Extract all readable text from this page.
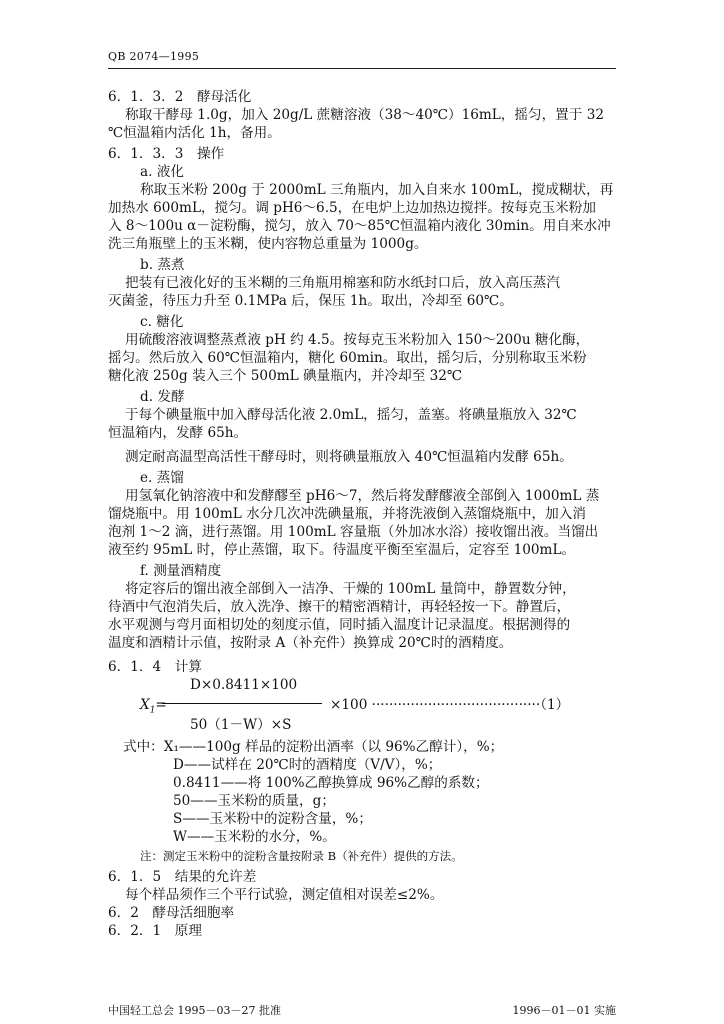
QB 2074—1995
6．1．3．2　酵母活化
称取干酵母 1.0g，加入 20g/L 蔗糖溶液（38～40℃）16mL，摇匀，置于 32
℃恒温箱内活化 1h，备用。
6．1．3．3　操作
a. 液化
称取玉米粉 200g 于 2000mL 三角瓶内，加入自来水 100mL，搅成糊状，再
加热水 600mL，搅匀。调 pH6～6.5，在电炉上边加热边搅拌。按每克玉米粉加
入 8～100u α－淀粉酶，搅匀，放入 70～85℃恒温箱内液化 30min。用自来水冲
洗三角瓶壁上的玉米糊，使内容物总重量为 1000g。
b. 蒸煮
把装有已液化好的玉米糊的三角瓶用棉塞和防水纸封口后，放入高压蒸汽
灭菌釜，待压力升至 0.1MPa 后，保压 1h。取出，冷却至 60℃。
c. 糖化
用硫酸溶液调整蒸煮液 pH 约 4.5。按每克玉米粉加入 150～200u 糖化酶，
摇匀。然后放入 60℃恒温箱内，糖化 60min。取出，摇匀后，分别称取玉米粉
糖化液 250g 装入三个 500mL 碘量瓶内，并冷却至 32℃
d. 发酵
于每个碘量瓶中加入酵母活化液 2.0mL，摇匀，盖塞。将碘量瓶放入 32℃
恒温箱内，发酵 65h。
测定耐高温型高活性干酵母时，则将碘量瓶放入 40℃恒温箱内发酵 65h。
e. 蒸馏
用氢氧化钠溶液中和发酵醪至 pH6～7，然后将发酵醪液全部倒入 1000mL 蒸
馏烧瓶中。用 100mL 水分几次冲洗碘量瓶，并将洗液倒入蒸馏烧瓶中，加入消
泡剂 1～2 滴，进行蒸馏。用 100mL 容量瓶（外加冰水浴）接收馏出液。当馏出
液至约 95mL 时，停止蒸馏，取下。待温度平衡至室温后，定容至 100mL。
f. 测量酒精度
将定容后的馏出液全部倒入一洁净、干燥的 100mL 量筒中，静置数分钟，
待酒中气泡消失后，放入洗净、擦干的精密酒精计，再轻轻按一下。静置后，
水平观测与弯月面相切处的刻度示值，同时插入温度计记录温度。根据测得的
温度和酒精计示值，按附录 A（补充件）换算成 20℃时的酒精度。
6．1．4　计算
D×0.8411×100
$X_1=$	×100 ·······································（1）
50（1－W）×S
式中：X₁——100g 样品的淀粉出酒率（以 96%乙醇计），%；
D——试样在 20℃时的酒精度（V/V），%；
0.8411——将 100%乙醇换算成 96%乙醇的系数；
50——玉米粉的质量，g；
S——玉米粉中的淀粉含量，%；
W——玉米粉的水分，%。
注：测定玉米粉中的淀粉含量按附录 B（补充件）提供的方法。
6．1．5　结果的允许差
每个样品须作三个平行试验，测定值相对误差≤2%。
6．2　酵母活细胞率
6．2．1　原理
中国轻工总会 1995－03－27 批准	1996－01－01 实施
